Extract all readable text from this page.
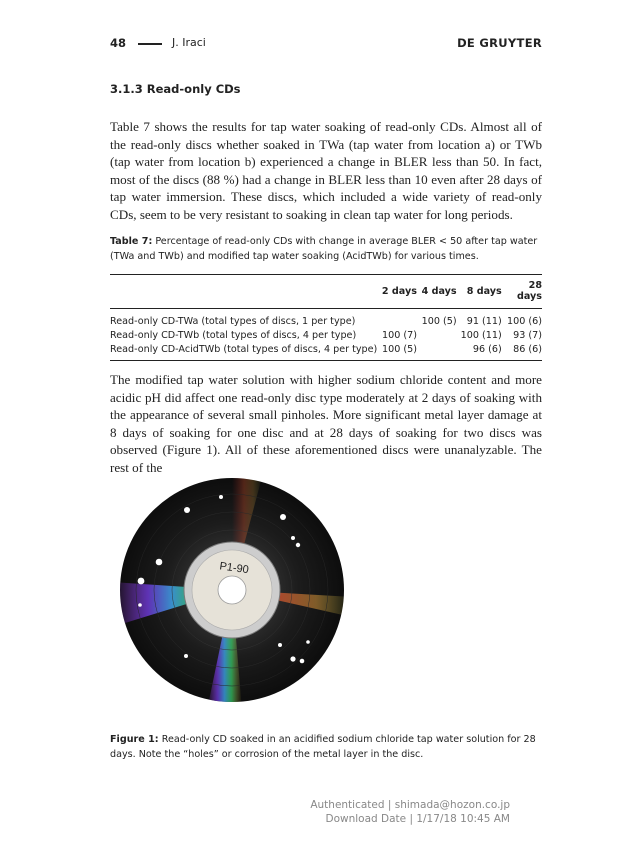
48	J. Iraci	DE GRUYTER
3.1.3 Read-only CDs
Table 7 shows the results for tap water soaking of read-only CDs. Almost all of the read-only discs whether soaked in TWa (tap water from location a) or TWb (tap water from location b) experienced a change in BLER less than 50. In fact, most of the discs (88 %) had a change in BLER less than 10 even after 28 days of tap water immersion. These discs, which included a wide variety of read-only CDs, seem to be very resistant to soaking in clean tap water for long periods.
Table 7: Percentage of read-only CDs with change in average BLER < 50 after tap water (TWa and TWb) and modified tap water soaking (AcidTWb) for various times.
	2 days	4 days	8 days	28 days
Read-only CD-TWa (total types of discs, 1 per type)		100 (5)	91 (11)	100 (6)
Read-only CD-TWb (total types of discs, 4 per type)	100 (7)		100 (11)	93 (7)
Read-only CD-AcidTWb (total types of discs, 4 per type)	100 (5)		96 (6)	86 (6)
The modified tap water solution with higher sodium chloride content and more acidic pH did affect one read-only disc type moderately at 2 days of soaking with the appearance of several small pinholes. More significant metal layer damage at 8 days of soaking for one disc and at 28 days of soaking for two discs was observed (Figure 1). All of these aforementioned discs were unanalyzable. The rest of the
P1-90
Figure 1: Read-only CD soaked in an acidified sodium chloride tap water solution for 28 days. Note the “holes” or corrosion of the metal layer in the disc.
Authenticated | shimada@hozon.co.jp
Download Date | 1/17/18 10:45 AM
